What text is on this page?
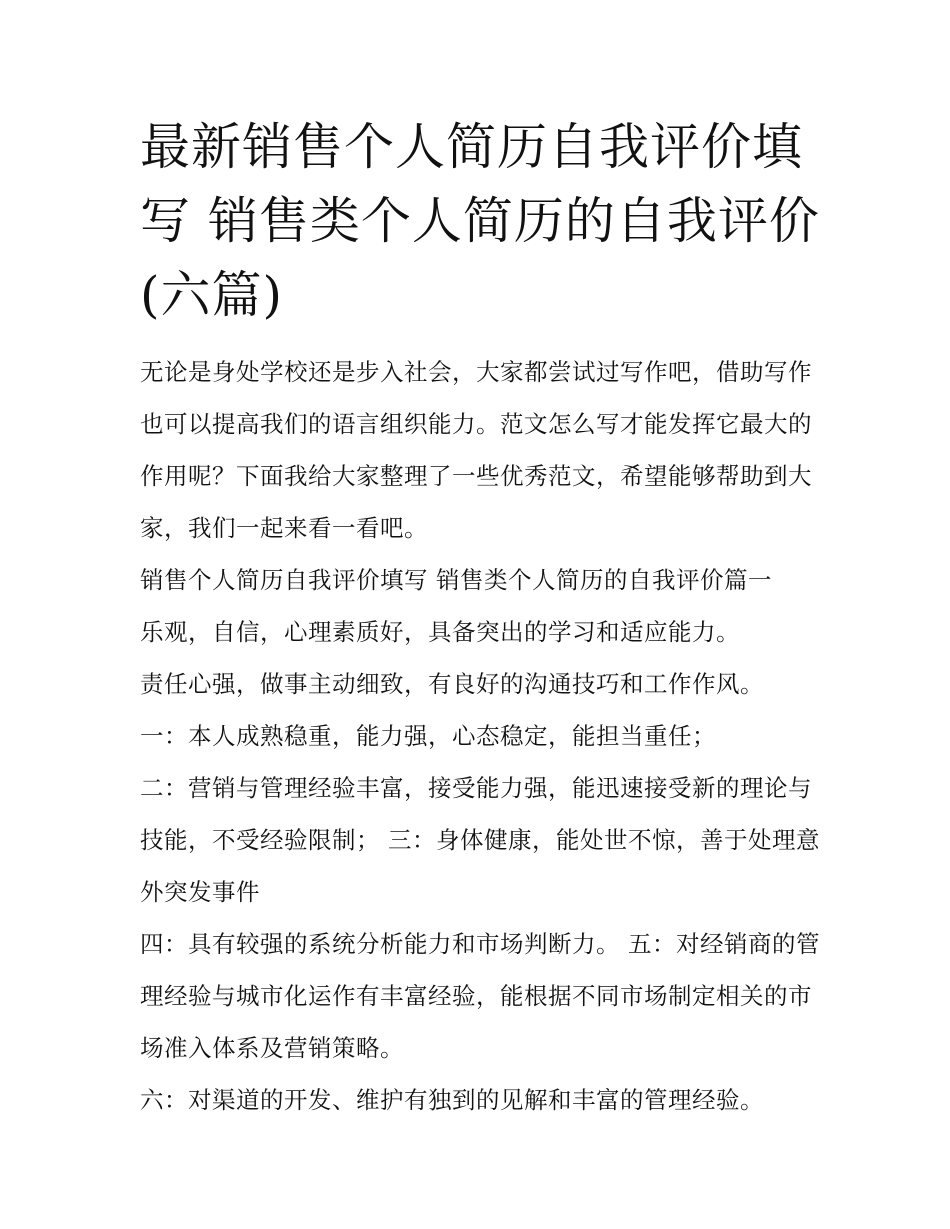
最新销售个人简历自我评价填写 销售类个人简历的自我评价(六篇)

无论是身处学校还是步入社会，大家都尝试过写作吧，借助写作也可以提高我们的语言组织能力。范文怎么写才能发挥它最大的作用呢？下面我给大家整理了一些优秀范文，希望能够帮助到大家，我们一起来看一看吧。

销售个人简历自我评价填写 销售类个人简历的自我评价篇一

乐观，自信，心理素质好，具备突出的学习和适应能力。

责任心强，做事主动细致，有良好的沟通技巧和工作作风。

一：本人成熟稳重，能力强，心态稳定，能担当重任；

二：营销与管理经验丰富，接受能力强，能迅速接受新的理论与技能，不受经验限制； 三：身体健康，能处世不惊，善于处理意外突发事件

四：具有较强的系统分析能力和市场判断力。 五：对经销商的管理经验与城市化运作有丰富经验，能根据不同市场制定相关的市场准入体系及营销策略。

六：对渠道的开发、维护有独到的见解和丰富的管理经验。
